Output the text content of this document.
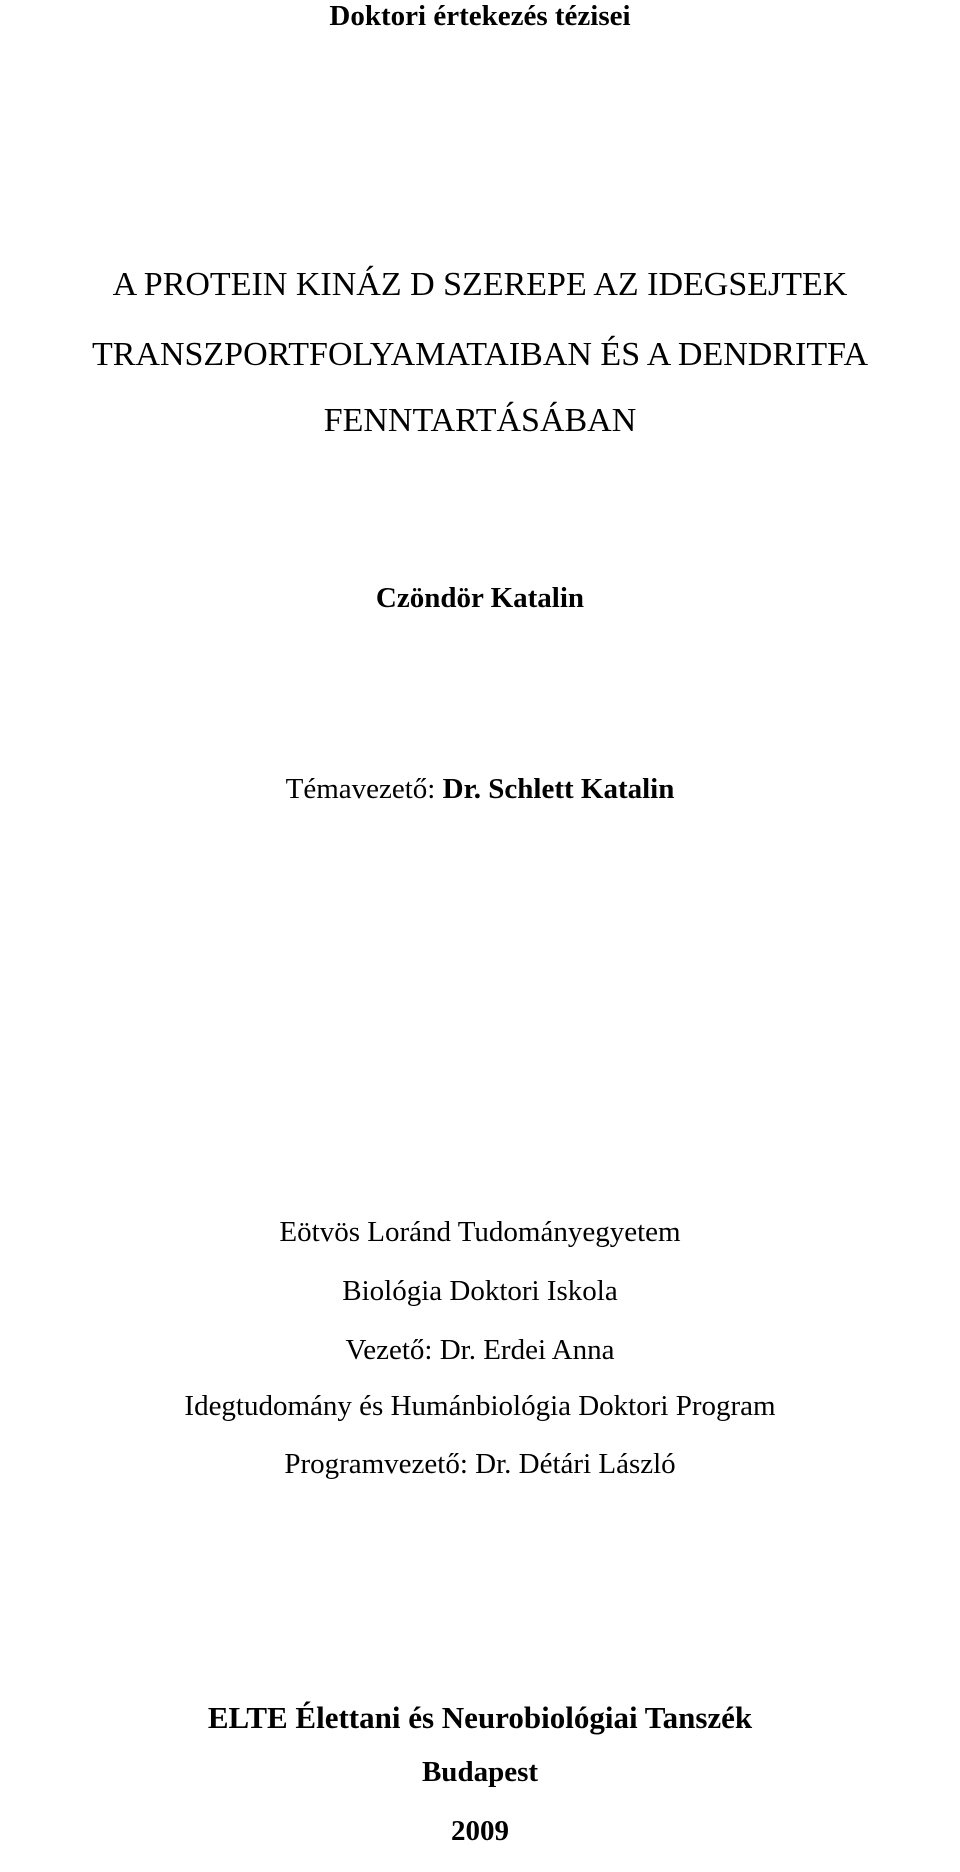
Doktori értekezés tézisei
A PROTEIN KINÁZ D SZEREPE AZ IDEGSEJTEK
TRANSZPORTFOLYAMATAIBAN ÉS A DENDRITFA
FENNTARTÁSÁBAN
Czöndör Katalin
Témavezető: Dr. Schlett Katalin
Eötvös Loránd Tudományegyetem
Biológia Doktori Iskola
Vezető: Dr. Erdei Anna
Idegtudomány és Humánbiológia Doktori Program
Programvezető: Dr. Détári László
ELTE Élettani és Neurobiológiai Tanszék
Budapest
2009
